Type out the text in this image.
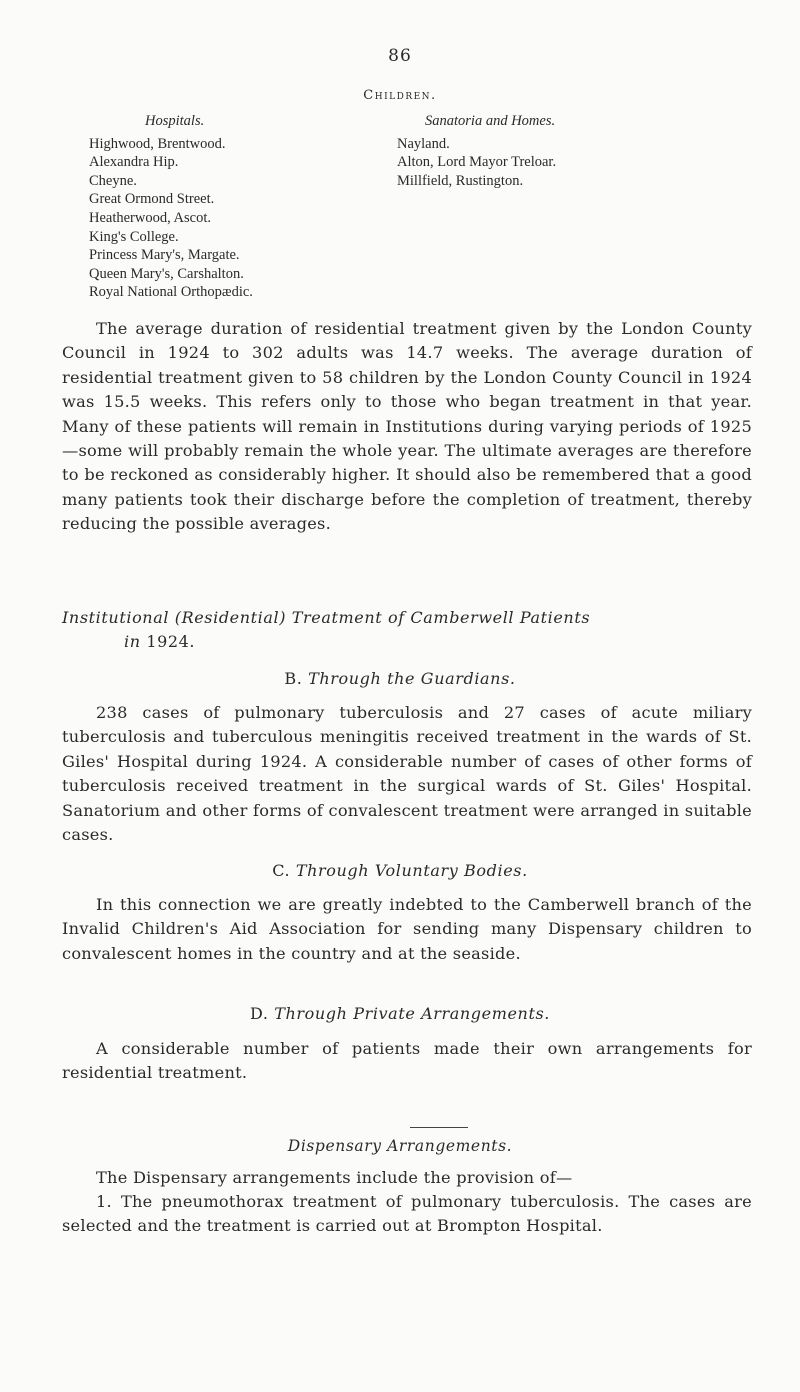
86
Children.
Hospitals.
Highwood, Brentwood.
Alexandra Hip.
Cheyne.
Great Ormond Street.
Heatherwood, Ascot.
King's College.
Princess Mary's, Margate.
Queen Mary's, Carshalton.
Royal National Orthopædic.
Sanatoria and Homes.
Nayland.
Alton, Lord Mayor Treloar.
Millfield, Rustington.
The average duration of residential treatment given by the London County Council in 1924 to 302 adults was 14.7 weeks. The average duration of residential treatment given to 58 children by the London County Council in 1924 was 15.5 weeks. This refers only to those who began treatment in that year. Many of these patients will remain in Institutions during varying periods of 1925—some will probably remain the whole year. The ultimate averages are therefore to be reckoned as considerably higher. It should also be remembered that a good many patients took their discharge before the completion of treatment, thereby reducing the possible averages.
Institutional (Residential) Treatment of Camberwell Patients
in 1924.
B. Through the Guardians.
238 cases of pulmonary tuberculosis and 27 cases of acute miliary tuberculosis and tuberculous meningitis received treatment in the wards of St. Giles' Hospital during 1924. A considerable number of cases of other forms of tuberculosis received treatment in the surgical wards of St. Giles' Hospital. Sanatorium and other forms of convalescent treatment were arranged in suitable cases.
C. Through Voluntary Bodies.
In this connection we are greatly indebted to the Camberwell branch of the Invalid Children's Aid Association for sending many Dispensary children to convalescent homes in the country and at the seaside.
D. Through Private Arrangements.
A considerable number of patients made their own arrangements for residential treatment.
Dispensary Arrangements.
The Dispensary arrangements include the provision of—
1. The pneumothorax treatment of pulmonary tuberculosis. The cases are selected and the treatment is carried out at Brompton Hospital.
